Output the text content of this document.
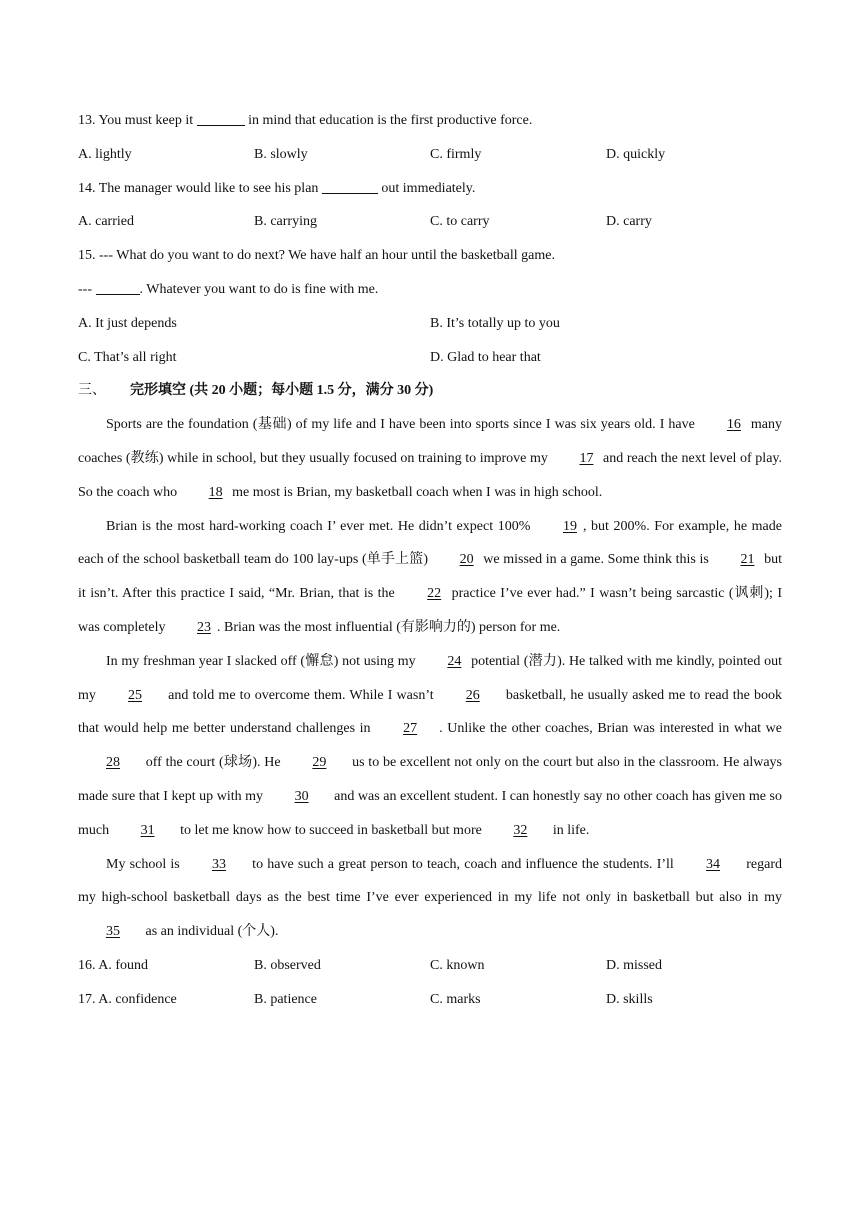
13. You must keep it	in mind that education is the first productive force.
A. lightly	B. slowly	C. firmly	D. quickly
14. The manager would like to see his plan	out immediately.
A. carried	B. carrying	C. to carry	D. carry
15. --- What do you want to do next? We have half an hour until the basketball game.
---	. Whatever you want to do is fine with me.
A. It just depends	B. It’s totally up to you
C. That’s all right	D. Glad to hear that
三、 完形填空 (共 20 小题；每小题 1.5 分，满分 30 分)

Sports are the foundation (基础) of my life and I have been into sports since I was six years old. I have 16 many coaches (教练) while in school, but they usually focused on training to improve my 17 and reach the next level of play. So the coach who 18 me most is Brian, my basketball coach when I was in high school.

Brian is the most hard-working coach I’ ever met. He didn’t expect 100% 19 , but 200%. For example, he made each of the school basketball team do 100 lay-ups (单手上篮) 20 we missed in a game. Some think this is 21 but it isn’t. After this practice I said, “Mr. Brian, that is the 22 practice I’ve ever had.” I wasn’t being sarcastic (讽刺); I was completely 23 . Brian was the most influential (有影响力的) person for me.

In my freshman year I slacked off (懈怠) not using my 24 potential (潜力). He talked with me kindly, pointed out my 25 and told me to overcome them. While I wasn’t 26 basketball, he usually asked me to read the book that would help me better understand challenges in 27 . Unlike the other coaches, Brian was interested in what we 28 off the court (球场). He 29 us to be excellent not only on the court but also in the classroom. He always made sure that I kept up with my 30 and was an excellent student. I can honestly say no other coach has given me so much 31 to let me know how to succeed in basketball but more 32 in life.

My school is 33 to have such a great person to teach, coach and influence the students. I’ll 34 regard my high-school basketball days as the best time I’ve ever experienced in my life not only in basketball but also in my 35 as an individual (个人).

16. A. found	B. observed	C. known	D. missed
17. A. confidence	B. patience	C. marks	D. skills
